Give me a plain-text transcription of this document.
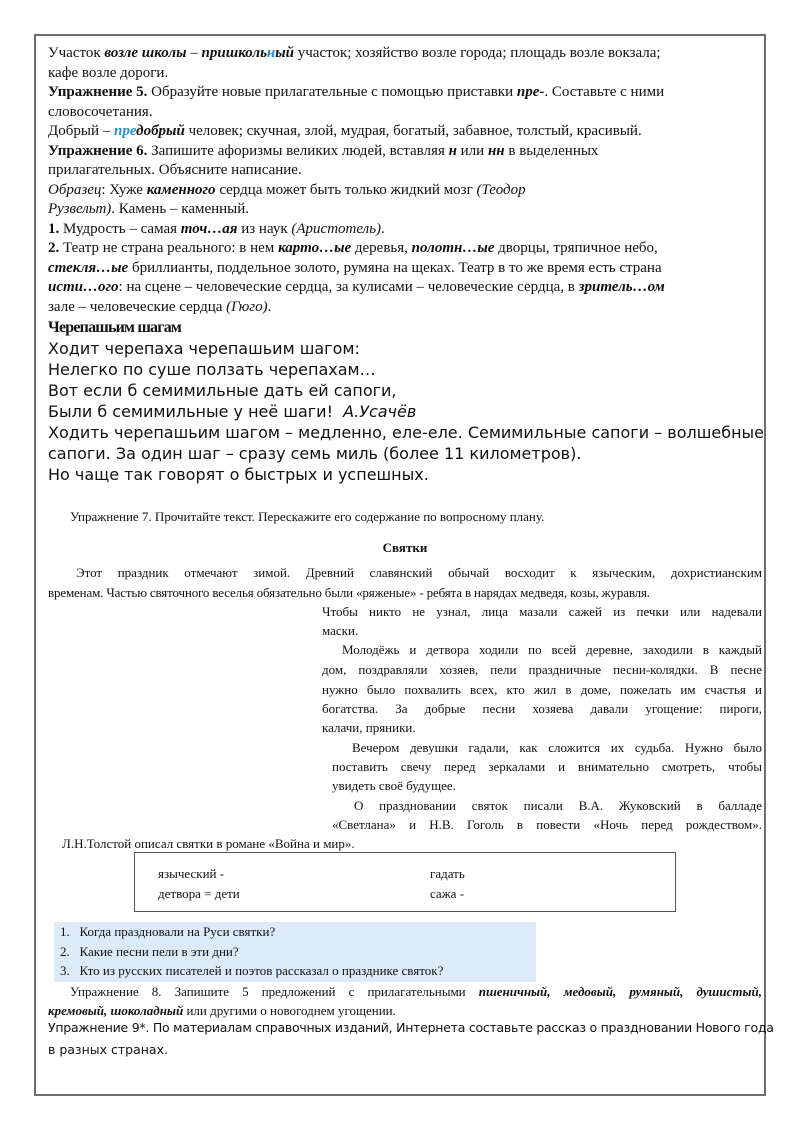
Участок возле школы – пришкольный участок; хозяйство возле города; площадь возле вокзала;

кафе возле дороги.

Упражнение 5. Образуйте новые прилагательные с помощью приставки пре-. Составьте с ними

словосочетания.

Добрый – предобрый человек; скучная, злой, мудрая, богатый, забавное, толстый, красивый.

Упражнение 6. Запишите афоризмы великих людей, вставляя н или нн в выделенных

прилагательных. Объясните написание.

Образец: Хуже каменного сердца может быть только жидкий мозг (Теодор

Рузвельт). Камень – каменный.

1. Мудрость – самая точ…ая из наук (Аристотель).

2. Театр не страна реального: в нем карто…ые деревья, полотн…ые дворцы, тряпичное небо,

стекля…ые бриллианты, поддельное золото, румяна на щеках. Театр в то же время есть страна

исти…ого: на сцене – человеческие сердца, за кулисами – человеческие сердца, в зритель…ом

зале – человеческие сердца (Гюго).

Черепашьим шагам

Ходит черепаха черепашьим шагом:
Нелегко по суше ползать черепахам…
Вот если б семимильные дать ей сапоги,
Были б семимильные у неё шаги! А.Усачёв
Ходить черепашьим шагом – медленно, еле-еле. Семимильные сапоги – волшебные
сапоги. За один шаг – сразу семь миль (более 11 километров).
Но чаще так говорят о быстрых и успешных.
Упражнение 7. Прочитайте текст. Перескажите его содержание по вопросному плану.
Святки
Этот праздник отмечают зимой. Древний славянский обычай восходит к языческим, дохристианским
временам. Частью святочного веселья обязательно были «ряженые» - ребята в нарядах медведя, козы, журавля.
Чтобы никто не узнал, лица мазали сажей из печки или надевали
маски.
Молодёжь и детвора ходили по всей деревне, заходили в каждый
дом, поздравляли хозяев, пели праздничные песни-колядки. В песне
нужно было похвалить всех, кто жил в доме, пожелать им счастья и
богатства. За добрые песни хозяева давали угощение: пироги,
калачи, пряники.
Вечером девушки гадали, как сложится их судьба. Нужно было
поставить свечу перед зеркалами и внимательно смотреть, чтобы
увидеть своё будущее.
О праздновании святок писали В.А. Жуковский в балладе
«Светлана» и Н.В. Гоголь в повести «Ночь перед рождеством».
Л.Н.Толстой описал святки в романе «Война и мир».
языческий -	гадать
детвора = дети	сажа -
1. Когда праздновали на Руси святки?
2. Какие песни пели в эти дни?
3. Кто из русских писателей и поэтов рассказал о празднике святок?
Упражнение 8. Запишите 5 предложений с прилагательными пшеничный, медовый, румяный, душистый,
кремовый, шоколадный или другими о новогоднем угощении.
Упражнение 9*. По материалам справочных изданий, Интернета составьте рассказ о праздновании Нового года
в разных странах.
